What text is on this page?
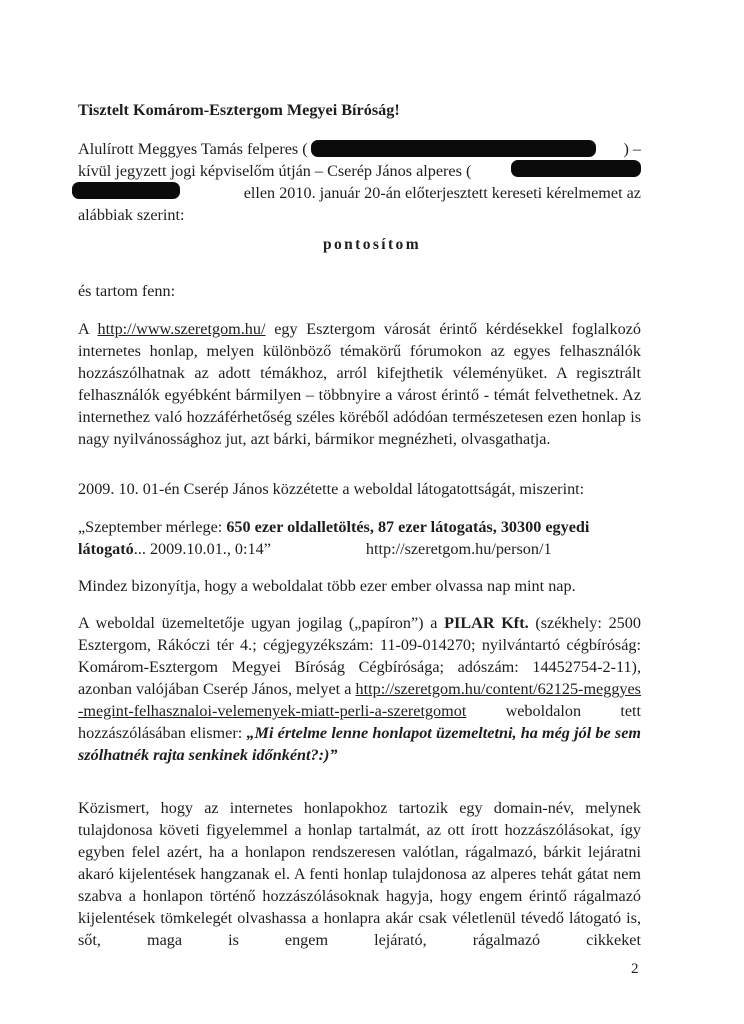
Tisztelt Komárom-Esztergom Megyei Bíróság!
Alulírott Meggyes Tamás felperes (	) –
kívül jegyzett jogi képviselőm útján – Cserép János alperes (
ellen 2010. január 20-án előterjesztett kereseti kérelmemet az
alábbiak szerint:
pontosítom
és tartom fenn:
A http://www.szeretgom.hu/ egy Esztergom városát érintő kérdésekkel foglalkozó internetes honlap, melyen különböző témakörű fórumokon az egyes felhasználók hozzászólhatnak az adott témákhoz, arról kifejthetik véleményüket. A regisztrált felhasználók egyébként bármilyen – többnyire a várost érintő - témát felvethetnek. Az internethez való hozzáférhetőség széles köréből adódóan természetesen ezen honlap is nagy nyilvánossághoz jut, azt bárki, bármikor megnézheti, olvasgathatja.
2009. 10. 01-én Cserép János közzétette a weboldal látogatottságát, miszerint:
„Szeptember mérlege: 650 ezer oldalletöltés, 87 ezer látogatás, 30300 egyedi
látogató... 2009.10.01., 0:14”	http://szeretgom.hu/person/1
Mindez bizonyítja, hogy a weboldalat több ezer ember olvassa nap mint nap.
A weboldal üzemeltetője ugyan jogilag („papíron”) a PILAR Kft. (székhely: 2500 Esztergom, Rákóczi tér 4.; cégjegyzékszám: 11-09-014270; nyilvántartó cégbíróság: Komárom-Esztergom Megyei Bíróság Cégbírósága; adószám: 14452754-2-11), azonban valójában Cserép János, melyet a http://szeretgom.hu/content/62125-meggyes-megint-felhasznaloi-velemenyek-miatt-perli-a-szeretgomot weboldalon tett hozzászólásában elismer: „Mi értelme lenne honlapot üzemeltetni, ha még jól be sem szólhatnék rajta senkinek időnként?:)”
Közismert, hogy az internetes honlapokhoz tartozik egy domain-név, melynek tulajdonosa követi figyelemmel a honlap tartalmát, az ott írott hozzászólásokat, így egyben felel azért, ha a honlapon rendszeresen valótlan, rágalmazó, bárkit lejáratni akaró kijelentések hangzanak el. A fenti honlap tulajdonosa az alperes tehát gátat nem szabva a honlapon történő hozzászólásoknak hagyja, hogy engem érintő rágalmazó kijelentések tömkelegét olvashassa a honlapra akár csak véletlenül tévedő látogató is, sőt, maga is engem lejárató, rágalmazó cikkeket
2
